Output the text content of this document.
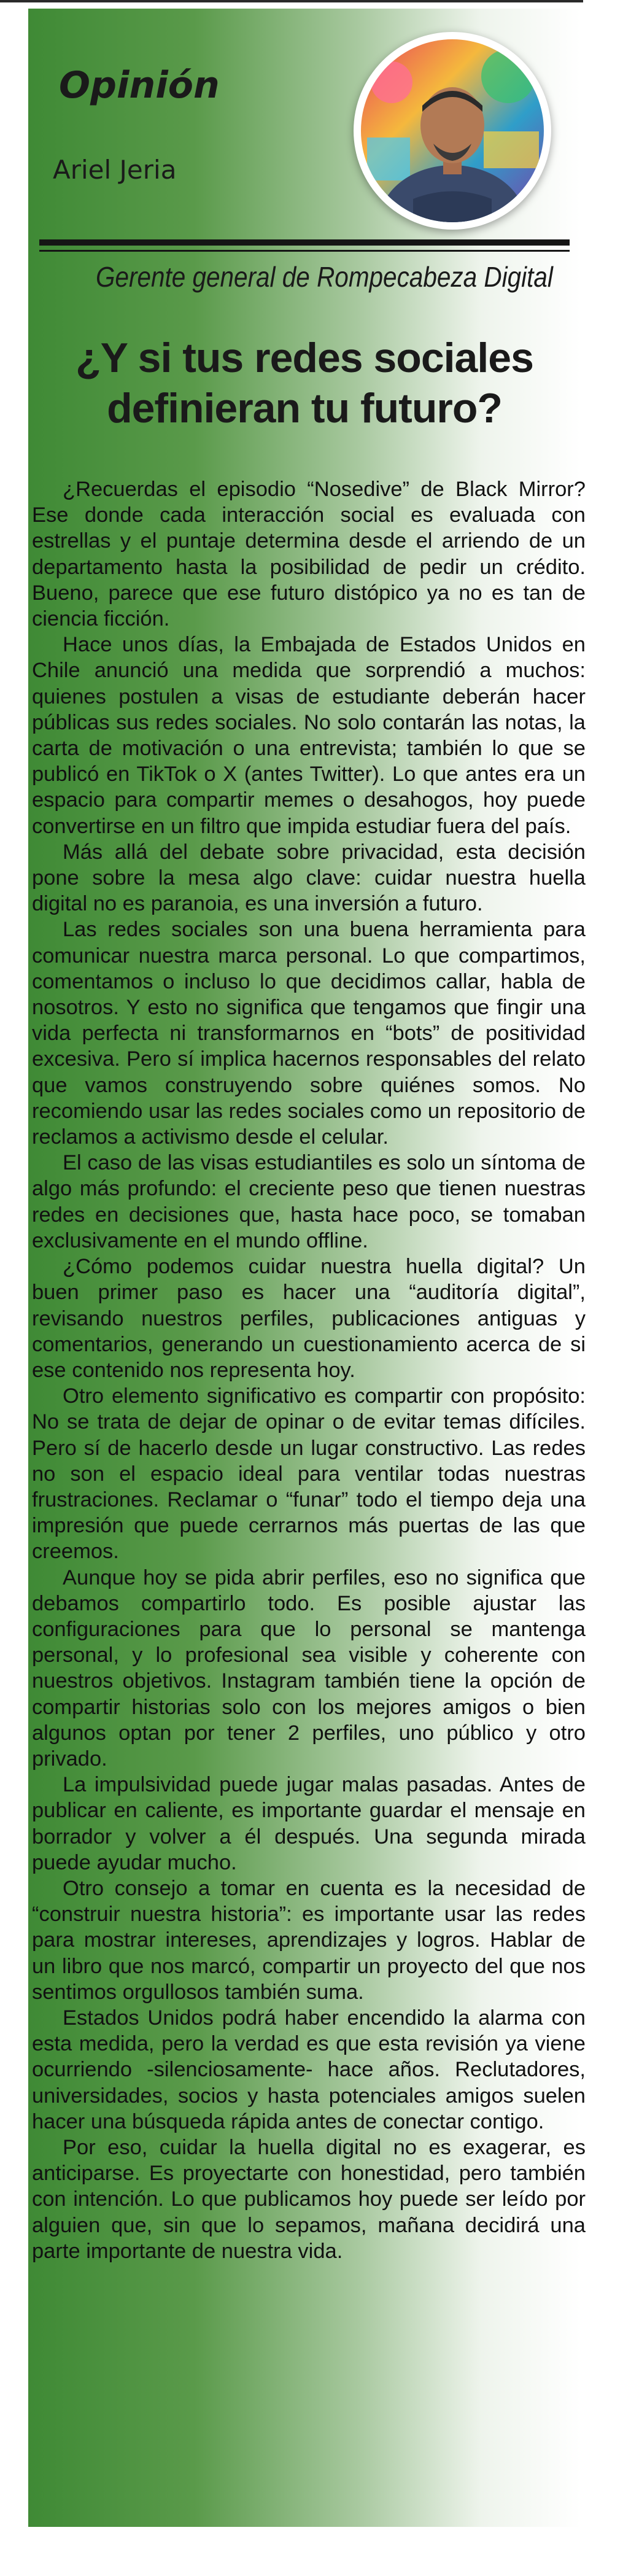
Opinión
Ariel Jeria
Gerente general de Rompecabeza Digital
¿Y si tus redes sociales definieran tu futuro?

¿Recuerdas el episodio “Nosedive” de Black Mirror? Ese donde cada interacción social es evaluada con estrellas y el puntaje determina desde el arriendo de un departamento hasta la posibilidad de pedir un crédito. Bueno, parece que ese futuro distópico ya no es tan de ciencia ficción.

Hace unos días, la Embajada de Estados Unidos en Chile anunció una medida que sorprendió a muchos: quienes postulen a visas de estudiante deberán hacer públicas sus redes sociales. No solo contarán las notas, la carta de motivación o una entrevista; también lo que se publicó en TikTok o X (antes Twitter). Lo que antes era un espacio para compartir memes o desahogos, hoy puede convertirse en un filtro que impida estudiar fuera del país.

Más allá del debate sobre privacidad, esta decisión pone sobre la mesa algo clave: cuidar nuestra huella digital no es paranoia, es una inversión a futuro.

Las redes sociales son una buena herramienta para comunicar nuestra marca personal. Lo que compartimos, comentamos o incluso lo que decidimos callar, habla de nosotros. Y esto no significa que tengamos que fingir una vida perfecta ni transformarnos en “bots” de positividad excesiva. Pero sí implica hacernos responsables del relato que vamos construyendo sobre quiénes somos. No recomiendo usar las redes sociales como un repositorio de reclamos a activismo desde el celular.

El caso de las visas estudiantiles es solo un síntoma de algo más profundo: el creciente peso que tienen nuestras redes en decisiones que, hasta hace poco, se tomaban exclusivamente en el mundo offline.

¿Cómo podemos cuidar nuestra huella digital? Un buen primer paso es hacer una “auditoría digital”, revisando nuestros perfiles, publicaciones antiguas y comentarios, generando un cuestionamiento acerca de si ese contenido nos representa hoy.

Otro elemento significativo es compartir con propósito: No se trata de dejar de opinar o de evitar temas difíciles. Pero sí de hacerlo desde un lugar constructivo. Las redes no son el espacio ideal para ventilar todas nuestras frustraciones. Reclamar o “funar” todo el tiempo deja una impresión que puede cerrarnos más puertas de las que creemos.

Aunque hoy se pida abrir perfiles, eso no significa que debamos compartirlo todo. Es posible ajustar las configuraciones para que lo personal se mantenga personal, y lo profesional sea visible y coherente con nuestros objetivos. Instagram también tiene la opción de compartir historias solo con los mejores amigos o bien algunos optan por tener 2 perfiles, uno público y otro privado.

La impulsividad puede jugar malas pasadas. Antes de publicar en caliente, es importante guardar el mensaje en borrador y volver a él después. Una segunda mirada puede ayudar mucho.

Otro consejo a tomar en cuenta es la necesidad de “construir nuestra historia”: es importante usar las redes para mostrar intereses, aprendizajes y logros. Hablar de un libro que nos marcó, compartir un proyecto del que nos sentimos orgullosos también suma.

Estados Unidos podrá haber encendido la alarma con esta medida, pero la verdad es que esta revisión ya viene ocurriendo -silenciosamente- hace años. Reclutadores, universidades, socios y hasta potenciales amigos suelen hacer una búsqueda rápida antes de conectar contigo.

Por eso, cuidar la huella digital no es exagerar, es anticiparse. Es proyectarte con honestidad, pero también con intención. Lo que publicamos hoy puede ser leído por alguien que, sin que lo sepamos, mañana decidirá una parte importante de nuestra vida.
